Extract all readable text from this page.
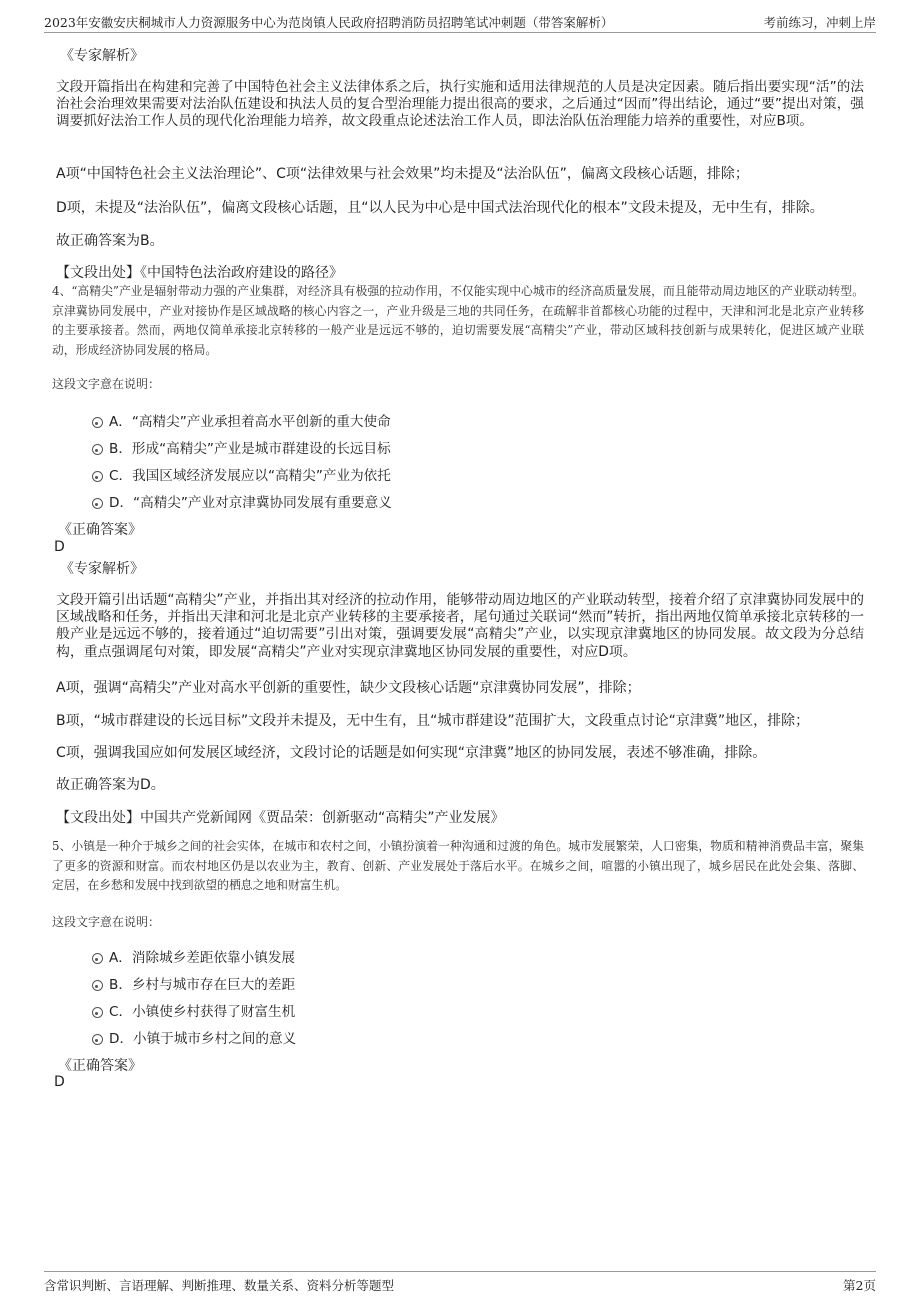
2023年安徽安庆桐城市人力资源服务中心为范岗镇人民政府招聘消防员招聘笔试冲刺题（带答案解析）	考前练习，冲刺上岸
《专家解析》
文段开篇指出在构建和完善了中国特色社会主义法律体系之后，执行实施和适用法律规范的人员是决定因素。随后指出要实现“活”的法治社会治理效果需要对法治队伍建设和执法人员的复合型治理能力提出很高的要求，之后通过“因而”得出结论，通过“要”提出对策，强调要抓好法治工作人员的现代化治理能力培养，故文段重点论述法治工作人员，即法治队伍治理能力培养的重要性，对应B项。
A项“中国特色社会主义法治理论”、C项“法律效果与社会效果”均未提及“法治队伍”，偏离文段核心话题，排除；
D项，未提及“法治队伍”，偏离文段核心话题，且“以人民为中心是中国式法治现代化的根本”文段未提及，无中生有，排除。
故正确答案为B。
【文段出处】《中国特色法治政府建设的路径》
4、“高精尖”产业是辐射带动力强的产业集群，对经济具有极强的拉动作用，不仅能实现中心城市的经济高质量发展，而且能带动周边地区的产业联动转型。京津冀协同发展中，产业对接协作是区域战略的核心内容之一，产业升级是三地的共同任务，在疏解非首都核心功能的过程中，天津和河北是北京产业转移的主要承接者。然而，两地仅简单承接北京转移的一般产业是远远不够的，迫切需要发展“高精尖”产业，带动区域科技创新与成果转化，促进区域产业联动，形成经济协同发展的格局。
这段文字意在说明：
A．“高精尖”产业承担着高水平创新的重大使命
B．形成“高精尖”产业是城市群建设的长远目标
C．我国区域经济发展应以“高精尖”产业为依托
D．“高精尖”产业对京津冀协同发展有重要意义
《正确答案》
D
《专家解析》
文段开篇引出话题“高精尖”产业，并指出其对经济的拉动作用，能够带动周边地区的产业联动转型，接着介绍了京津冀协同发展中的区域战略和任务，并指出天津和河北是北京产业转移的主要承接者，尾句通过关联词“然而”转折，指出两地仅简单承接北京转移的一般产业是远远不够的，接着通过“迫切需要”引出对策，强调要发展“高精尖”产业，以实现京津冀地区的协同发展。故文段为分总结构，重点强调尾句对策，即发展“高精尖”产业对实现京津冀地区协同发展的重要性，对应D项。
A项，强调“高精尖”产业对高水平创新的重要性，缺少文段核心话题“京津冀协同发展”，排除；
B项，“城市群建设的长远目标”文段并未提及，无中生有，且“城市群建设”范围扩大，文段重点讨论“京津冀”地区，排除；
C项，强调我国应如何发展区域经济，文段讨论的话题是如何实现“京津冀”地区的协同发展，表述不够准确，排除。
故正确答案为D。
【文段出处】中国共产党新闻网《贾品荣：创新驱动“高精尖”产业发展》
5、小镇是一种介于城乡之间的社会实体，在城市和农村之间，小镇扮演着一种沟通和过渡的角色。城市发展繁荣，人口密集，物质和精神消费品丰富，聚集了更多的资源和财富。而农村地区仍是以农业为主，教育、创新、产业发展处于落后水平。在城乡之间，喧嚣的小镇出现了，城乡居民在此处会集、落脚、定居，在乡愁和发展中找到欲望的栖息之地和财富生机。
这段文字意在说明：
A．消除城乡差距依靠小镇发展
B．乡村与城市存在巨大的差距
C．小镇使乡村获得了财富生机
D．小镇于城市乡村之间的意义
《正确答案》
D
含常识判断、言语理解、判断推理、数量关系、资料分析等题型	第2页
